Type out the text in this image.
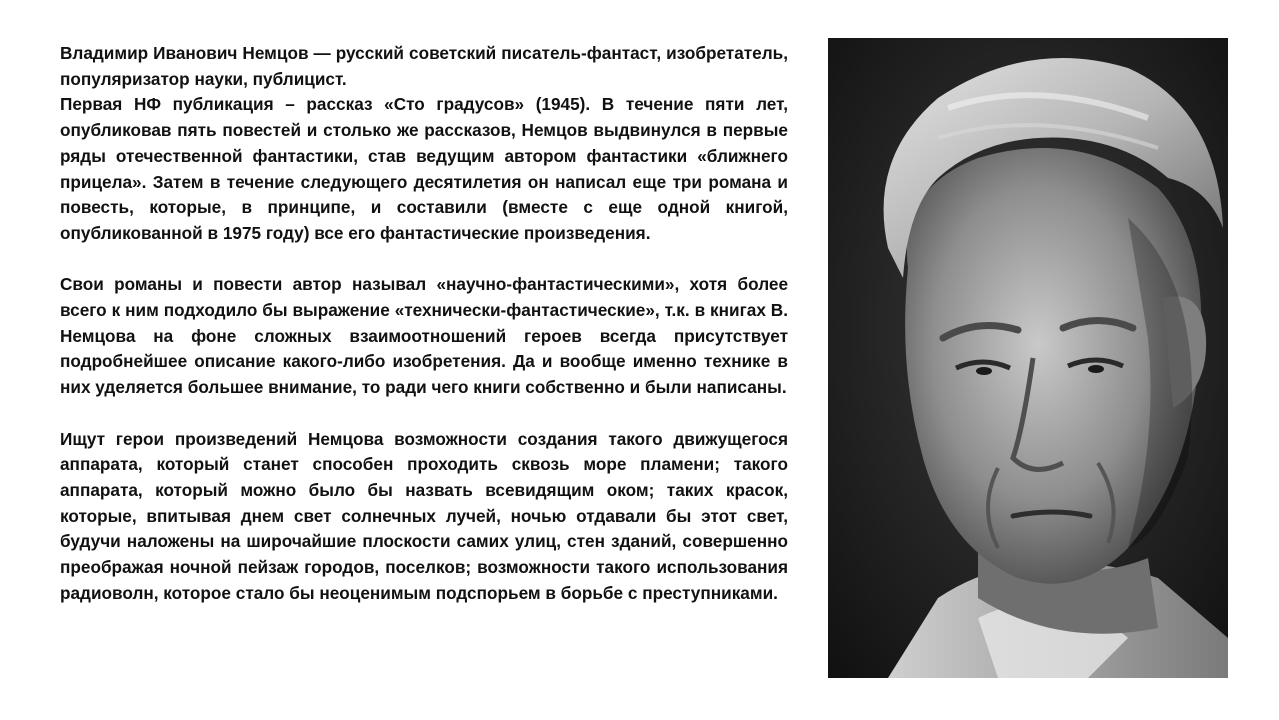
Владимир Иванович Немцов — русский советский писатель-фантаст, изобретатель, популяризатор науки, публицист.

Первая НФ публикация – рассказ «Сто градусов» (1945). В течение пяти лет, опубликовав пять повестей и столько же рассказов, Немцов выдвинулся в первые ряды отечественной фантастики, став ведущим автором фантастики «ближнего прицела». Затем в течение следующего десятилетия он написал еще три романа и повесть, которые, в принципе, и составили (вместе с еще одной книгой, опубликованной в 1975 году) все его фантастические произведения.

Свои романы и повести автор называл «научно-фантастическими», хотя более всего к ним подходило бы выражение «технически-фантастические», т.к. в книгах В. Немцова на фоне сложных взаимоотношений героев всегда присутствует подробнейшее описание какого-либо изобретения. Да и вообще именно технике в них уделяется большее внимание, то ради чего книги собственно и были написаны.

Ищут герои произведений Немцова возможности создания такого движущегося аппарата, который станет способен проходить сквозь море пламени; такого аппарата, который можно было бы назвать всевидящим оком; таких красок, которые, впитывая днем свет солнечных лучей, ночью отдавали бы этот свет, будучи наложены на широчайшие плоскости самих улиц, стен зданий, совершенно преображая ночной пейзаж городов, поселков; возможности такого использования радиоволн, которое стало бы неоценимым подспорьем в борьбе с преступниками.
